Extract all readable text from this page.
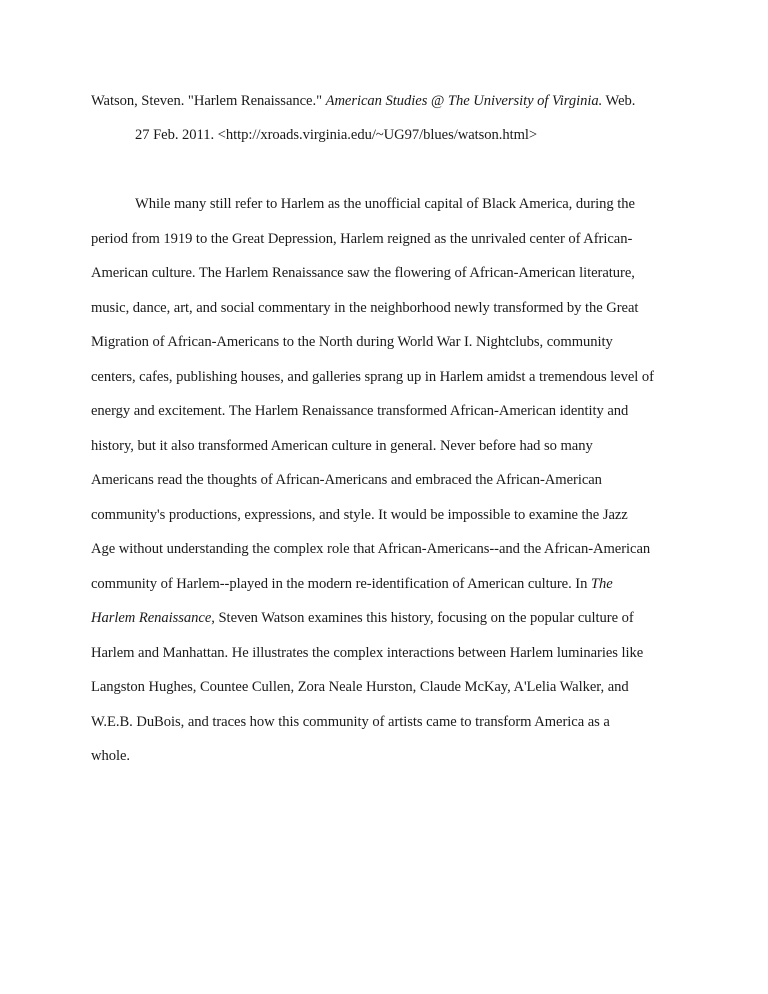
Watson, Steven. "Harlem Renaissance." American Studies @ The University of Virginia. Web.
27 Feb. 2011. <http://xroads.virginia.edu/~UG97/blues/watson.html>
While many still refer to Harlem as the unofficial capital of Black America, during the
period from 1919 to the Great Depression, Harlem reigned as the unrivaled center of African-
American culture. The Harlem Renaissance saw the flowering of African-American literature,
music, dance, art, and social commentary in the neighborhood newly transformed by the Great
Migration of African-Americans to the North during World War I. Nightclubs, community
centers, cafes, publishing houses, and galleries sprang up in Harlem amidst a tremendous level of
energy and excitement. The Harlem Renaissance transformed African-American identity and
history, but it also transformed American culture in general. Never before had so many
Americans read the thoughts of African-Americans and embraced the African-American
community's productions, expressions, and style. It would be impossible to examine the Jazz
Age without understanding the complex role that African-Americans--and the African-American
community of Harlem--played in the modern re-identification of American culture. In The
Harlem Renaissance, Steven Watson examines this history, focusing on the popular culture of
Harlem and Manhattan. He illustrates the complex interactions between Harlem luminaries like
Langston Hughes, Countee Cullen, Zora Neale Hurston, Claude McKay, A'Lelia Walker, and
W.E.B. DuBois, and traces how this community of artists came to transform America as a
whole.
